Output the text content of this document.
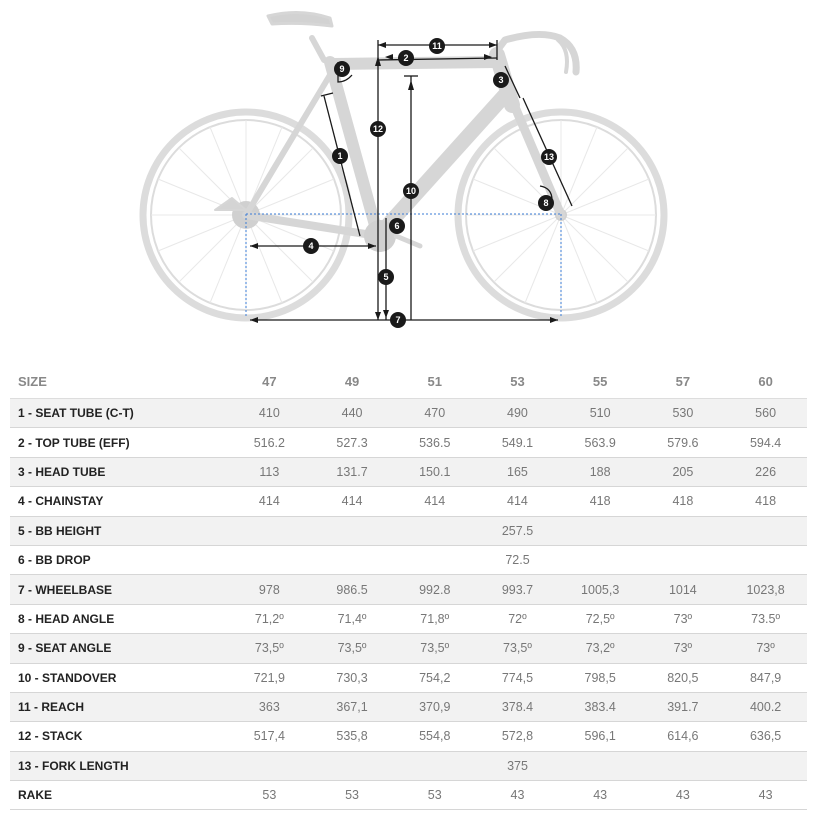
1
2
3
4
5
6
7
8
9
10
11
12
13
SIZE	47	49	51	53	55	57	60
1 - SEAT TUBE (C-T)	410	440	470	490	510	530	560
2 - TOP TUBE (EFF)	516.2	527.3	536.5	549.1	563.9	579.6	594.4
3 - HEAD TUBE	113	131.7	150.1	165	188	205	226
4 - CHAINSTAY	414	414	414	414	418	418	418
5 - BB HEIGHT	257.5						
6 - BB DROP	72.5						
7 - WHEELBASE	978	986.5	992.8	993.7	1005,3	1014	1023,8
8 - HEAD ANGLE	71,2º	71,4º	71,8º	72º	72,5º	73º	73.5º
9 - SEAT ANGLE	73,5º	73,5º	73,5º	73,5º	73,2º	73º	73º
10 - STANDOVER	721,9	730,3	754,2	774,5	798,5	820,5	847,9
11 - REACH	363	367,1	370,9	378.4	383.4	391.7	400.2
12 - STACK	517,4	535,8	554,8	572,8	596,1	614,6	636,5
13 - FORK LENGTH	375						
RAKE	53	53	53	43	43	43	43
